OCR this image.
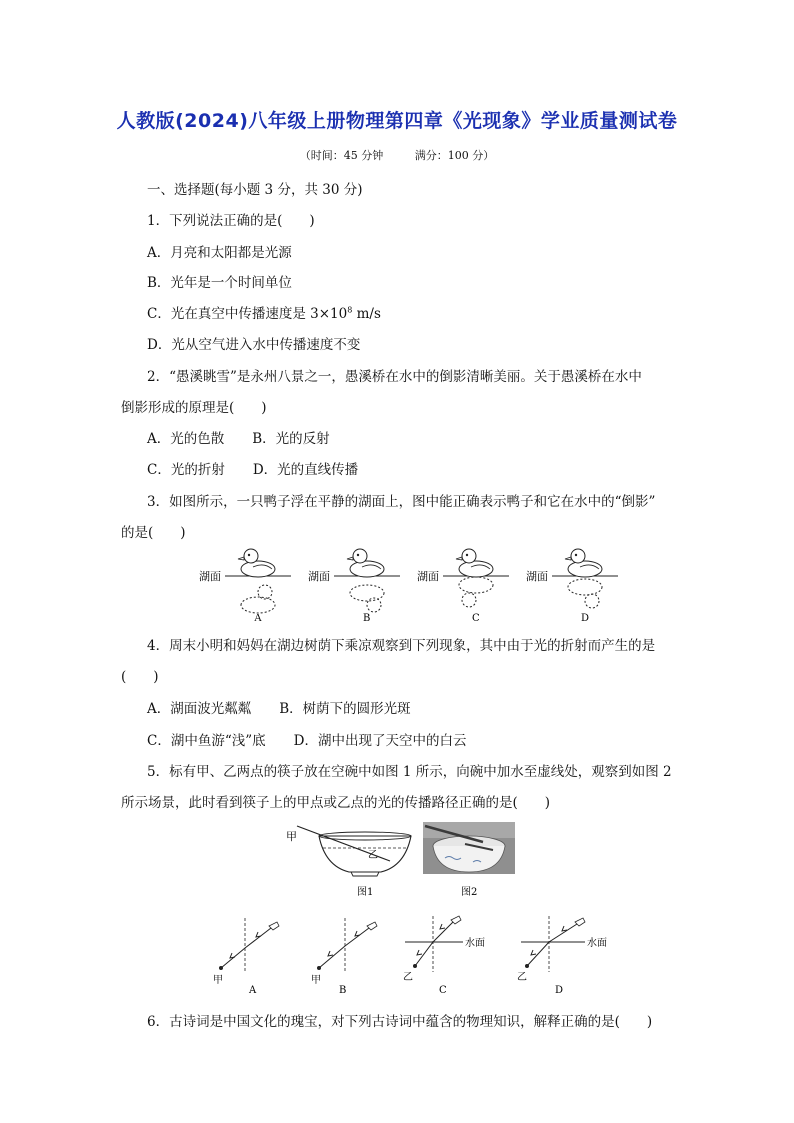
人教版(2024)八年级上册物理第四章《光现象》学业质量测试卷
（时间：45 分钟	满分：100 分）
一、选择题(每小题 3 分，共 30 分)
1．下列说法正确的是(　　)
A．月亮和太阳都是光源
B．光年是一个时间单位
C．光在真空中传播速度是 $3\times 10^8$ m/s
D．光从空气进入水中传播速度不变
2．“愚溪眺雪”是永州八景之一，愚溪桥在水中的倒影清晰美丽。关于愚溪桥在水中
倒影形成的原理是(　　)
A．光的色散 B．光的反射
C．光的折射 D．光的直线传播
3．如图所示，一只鸭子浮在平静的湖面上，图中能正确表示鸭子和它在水中的“倒影”
的是(　　)
湖面
A
湖面
B
湖面
C
湖面
D
4．周末小明和妈妈在湖边树荫下乘凉观察到下列现象，其中由于光的折射而产生的是
(　　)
A．湖面波光粼粼 B．树荫下的圆形光斑
C．湖中鱼游“浅”底 D．湖中出现了天空中的白云
5．标有甲、乙两点的筷子放在空碗中如图 1 所示，向碗中加水至虚线处，观察到如图 2
所示场景，此时看到筷子上的甲点或乙点的光的传播路径正确的是(　　)
甲
乙
图1	图2
甲
A
甲
B
水面
乙
C
水面
乙
D
6．古诗词是中国文化的瑰宝，对下列古诗词中蕴含的物理知识，解释正确的是(　　)
